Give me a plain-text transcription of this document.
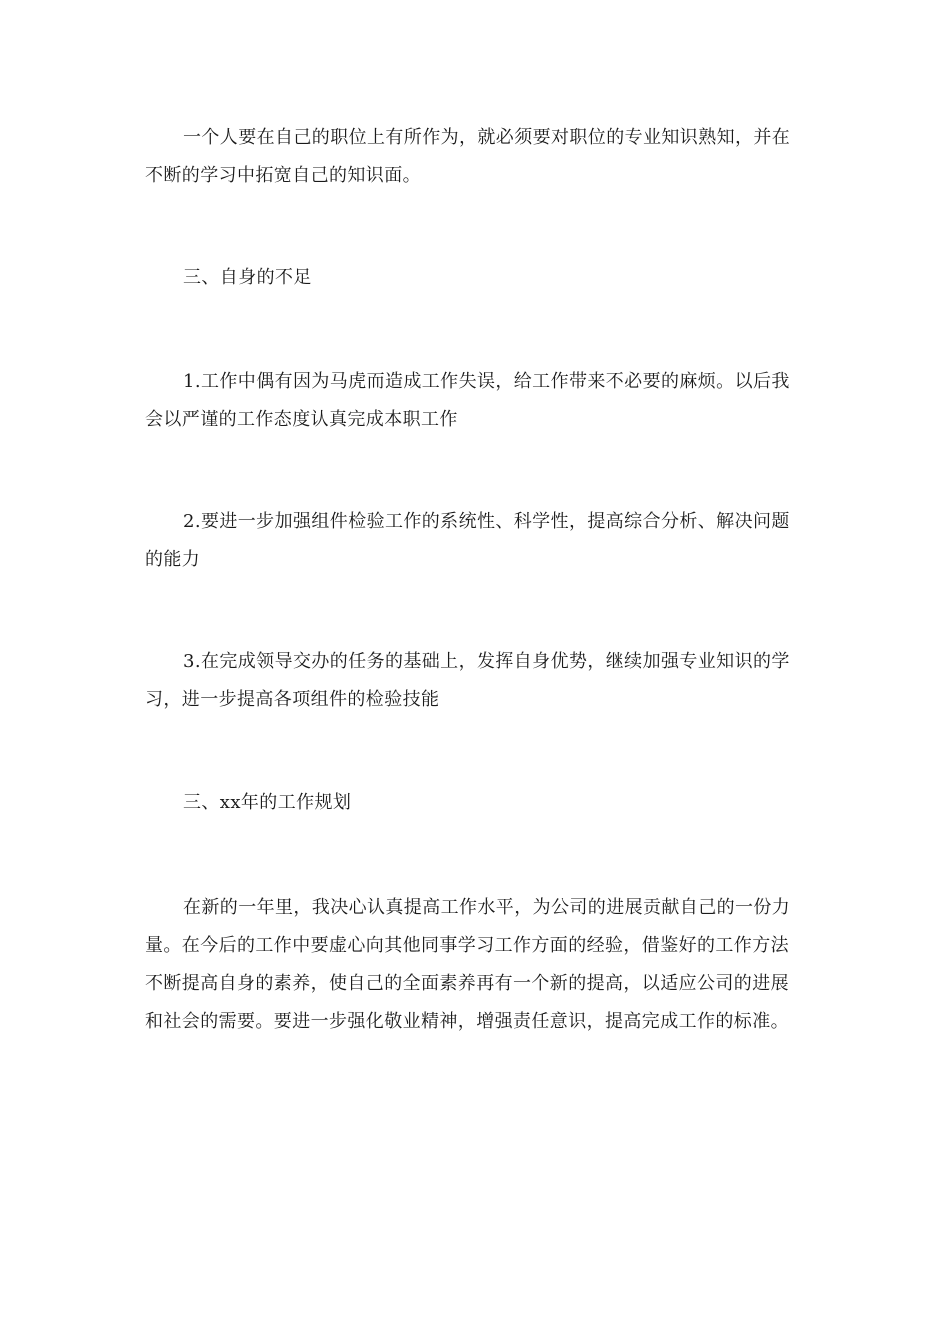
一个人要在自己的职位上有所作为，就必须要对职位的专业知识熟知，并在不断的学习中拓宽自己的知识面。

三、自身的不足

1.工作中偶有因为马虎而造成工作失误，给工作带来不必要的麻烦。以后我会以严谨的工作态度认真完成本职工作

2.要进一步加强组件检验工作的系统性、科学性，提高综合分析、解决问题的能力

3.在完成领导交办的任务的基础上，发挥自身优势，继续加强专业知识的学习，进一步提高各项组件的检验技能

三、xx年的工作规划

在新的一年里，我决心认真提高工作水平，为公司的进展贡献自己的一份力量。在今后的工作中要虚心向其他同事学习工作方面的经验，借鉴好的工作方法 不断提高自身的素养，使自己的全面素养再有一个新的提高，以适应公司的进展和社会的需要。要进一步强化敬业精神，增强责任意识，提高完成工作的标准。
